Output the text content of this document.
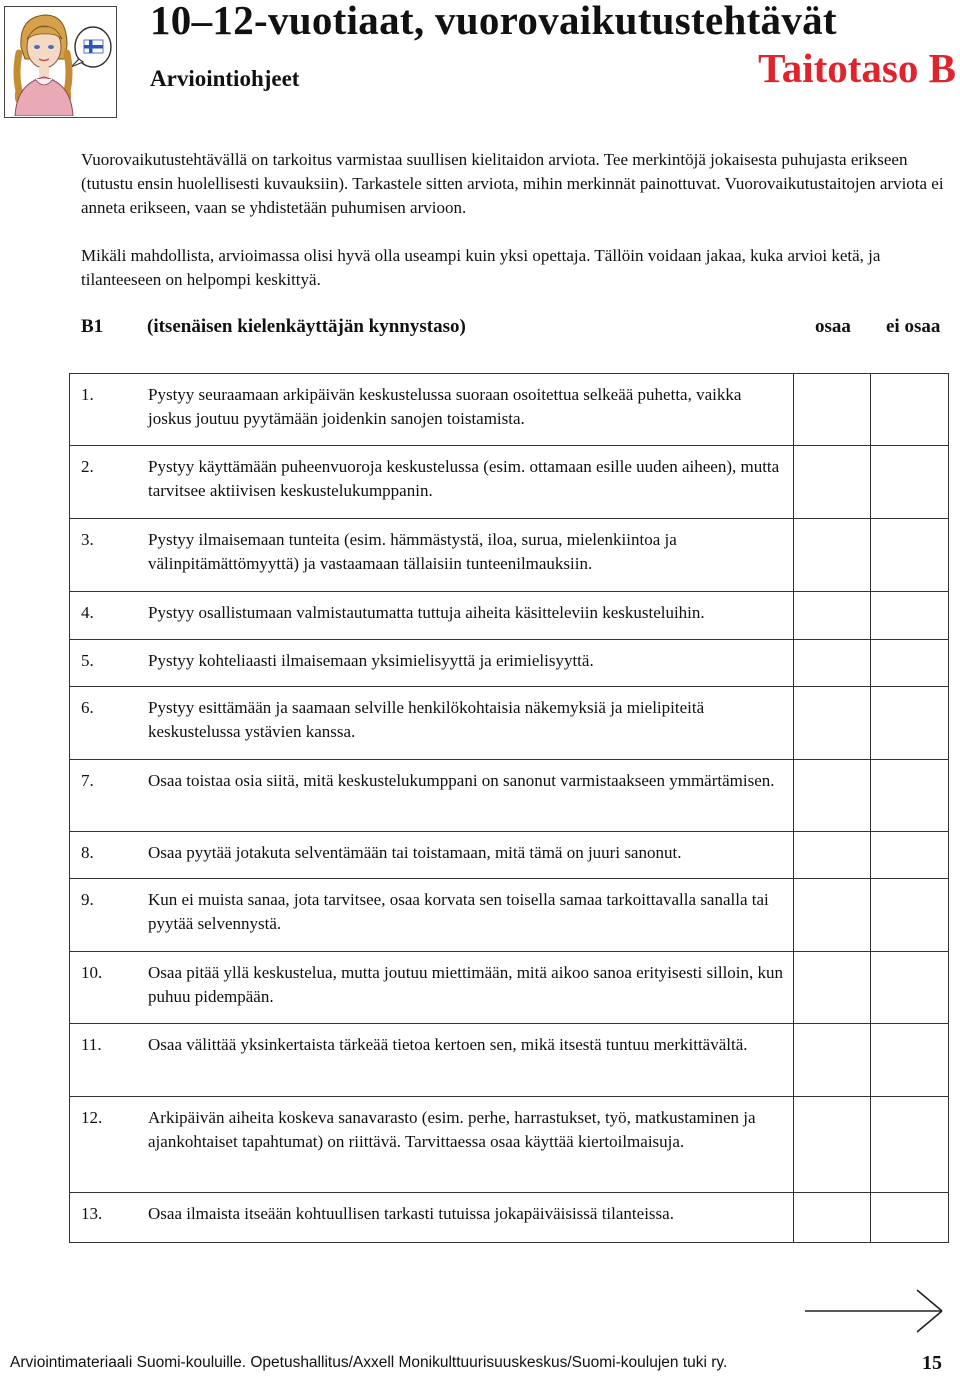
10–12-vuotiaat, vuorovaikutustehtävät
Arviointiohjeet	Taitotaso B
Vuorovaikutustehtävällä on tarkoitus varmistaa suullisen kielitaidon arviota. Tee merkintöjä jokaisesta puhujasta erikseen (tutustu ensin huolellisesti kuvauksiin). Tarkastele sitten arviota, mihin merkinnät painottuvat. Vuorovaikutustaitojen arviota ei anneta erikseen, vaan se yhdistetään puhumisen arvioon.
Mikäli mahdollista, arvioimassa olisi hyvä olla useampi kuin yksi opettaja. Tällöin voidaan jakaa, kuka arvioi ketä, ja tilanteeseen on helpompi keskittyä.
B1 (itsenäisen kielenkäyttäjän kynnystaso)	osaa ei osaa
1. Pystyy seuraamaan arkipäivän keskustelussa suoraan osoitettua selkeää puhetta, vaikka joskus joutuu pyytämään joidenkin sanojen toistamista.		

2. Pystyy käyttämään puheenvuoroja keskustelussa (esim. ottamaan esille uuden aiheen), mutta tarvitsee aktiivisen keskustelukumppanin.		

3. Pystyy ilmaisemaan tunteita (esim. hämmästystä, iloa, surua, mielenkiintoa ja välinpitämättömyyttä) ja vastaamaan tällaisiin tunteenilmauksiin.		

4. Pystyy osallistumaan valmistautumatta tuttuja aiheita käsitteleviin keskusteluihin.		

5. Pystyy kohteliaasti ilmaisemaan yksimielisyyttä ja erimielisyyttä.		

6. Pystyy esittämään ja saamaan selville henkilökohtaisia näkemyksiä ja mielipiteitä keskustelussa ystävien kanssa.		

7. Osaa toistaa osia siitä, mitä keskustelukumppani on sanonut varmistaakseen ymmärtämisen.		

8. Osaa pyytää jotakuta selventämään tai toistamaan, mitä tämä on juuri sanonut.		

9. Kun ei muista sanaa, jota tarvitsee, osaa korvata sen toisella samaa tarkoittavalla sanalla tai pyytää selvennystä.		

10. Osaa pitää yllä keskustelua, mutta joutuu miettimään, mitä aikoo sanoa erityisesti silloin, kun puhuu pidempään.		

11. Osaa välittää yksinkertaista tärkeää tietoa kertoen sen, mikä itsestä tuntuu merkittävältä.		

12. Arkipäivän aiheita koskeva sanavarasto (esim. perhe, harrastukset, työ, matkustaminen ja ajankohtaiset tapahtumat) on riittävä. Tarvittaessa osaa käyttää kiertoilmaisuja.		

13. Osaa ilmaista itseään kohtuullisen tarkasti tutuissa jokapäiväisissä tilanteissa.		

Arviointimateriaali Suomi-kouluille. Opetushallitus/Axxell Monikulttuurisuuskeskus/Suomi-koulujen tuki ry.	15
